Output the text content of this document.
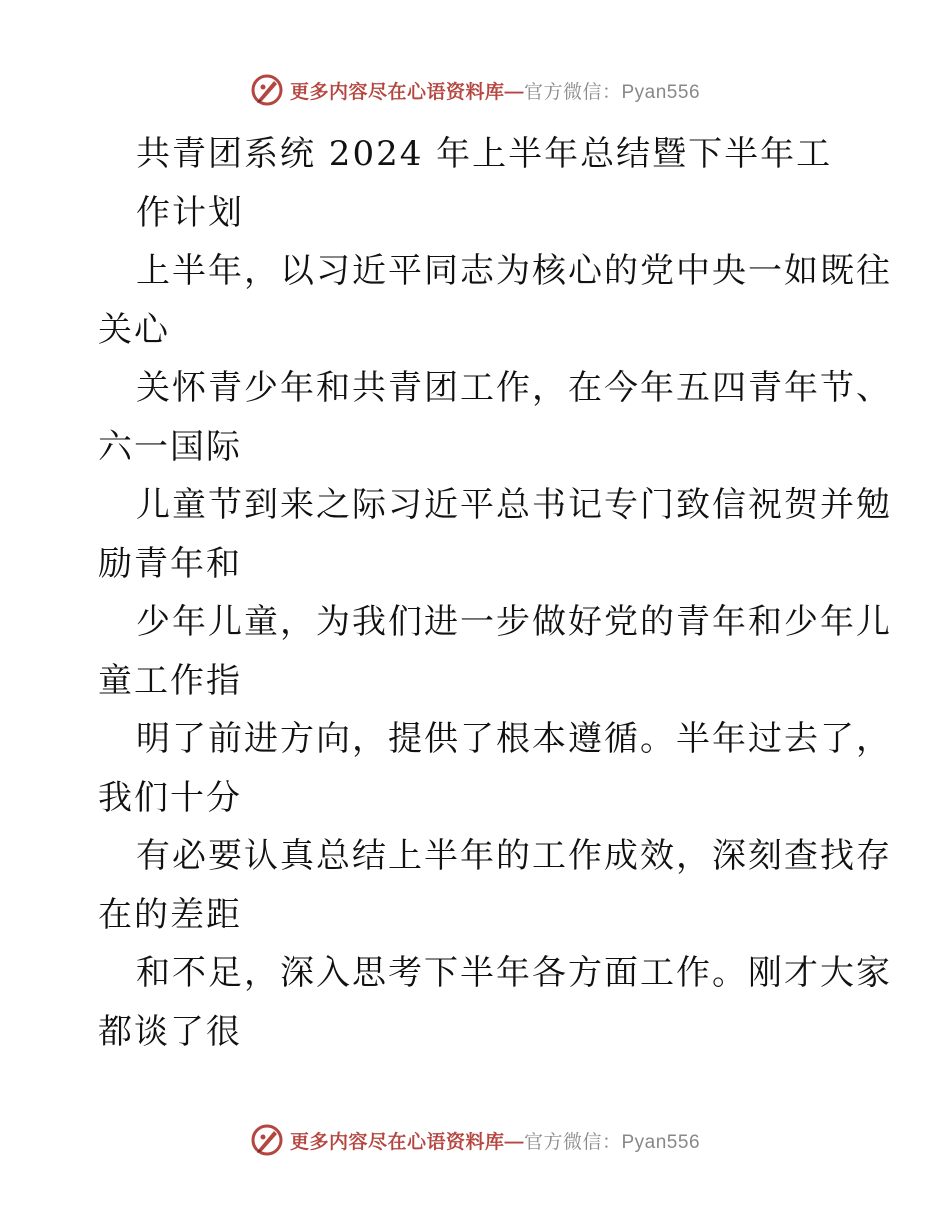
更多内容尽在心语资料库—官方微信：Pyan556
共青团系统 2024 年上半年总结暨下半年工
作计划
上半年，以习近平同志为核心的党中央一如既往
关心
关怀青少年和共青团工作，在今年五四青年节、
六一国际
儿童节到来之际习近平总书记专门致信祝贺并勉
励青年和
少年儿童，为我们进一步做好党的青年和少年儿
童工作指
明了前进方向，提供了根本遵循。半年过去了，
我们十分
有必要认真总结上半年的工作成效，深刻查找存
在的差距
和不足，深入思考下半年各方面工作。刚才大家
都谈了很
更多内容尽在心语资料库—官方微信：Pyan556
